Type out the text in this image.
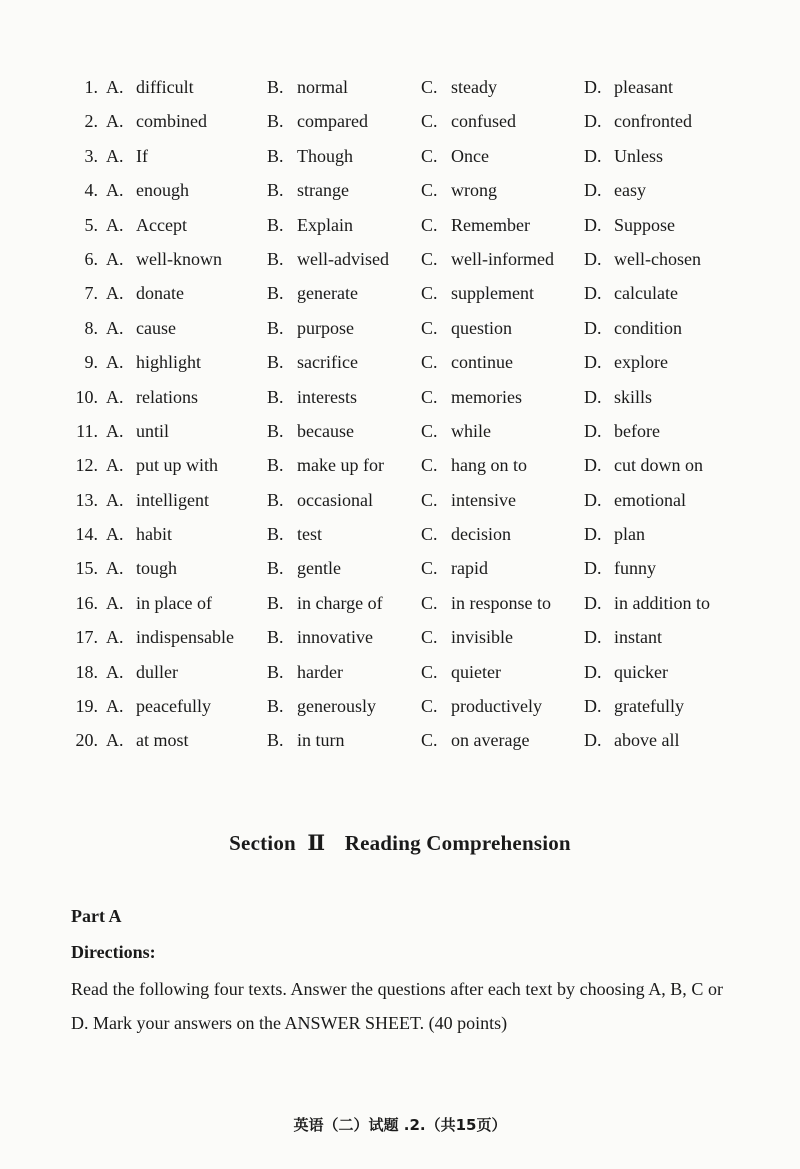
1. A. difficult	B. normal	C. steady	D. pleasant
2. A. combined	B. compared	C. confused	D. confronted
3. A. If	B. Though	C. Once	D. Unless
4. A. enough	B. strange	C. wrong	D. easy
5. A. Accept	B. Explain	C. Remember	D. Suppose
6. A. well-known	B. well-advised C. well-informed D. well-chosen
7. A. donate	B. generate	C. supplement	D. calculate
8. A. cause	B. purpose	C. question	D. condition
9. A. highlight	B. sacrifice	C. continue	D. explore
10. A. relations	B. interests	C. memories	D. skills
11. A. until	B. because	C. while	D. before
12. A. put up with	B. make up for C. hang on to	D. cut down on
13. A. intelligent	B. occasional	C. intensive	D. emotional
14. A. habit	B. test	C. decision	D. plan
15. A. tough	B. gentle	C. rapid	D. funny
16. A. in place of	B. in charge of C. in response to D. in addition to
17. A. indispensable B. innovative	C. invisible	D. instant
18. A. duller	B. harder	C. quieter	D. quicker
19. A. peacefully	B. generously	C. productively D. gratefully
20. A. at most	B. in turn	C. on average	D. above all
Section Ⅱ Reading Comprehension
Part A
Directions:
Read the following four texts. Answer the questions after each text by choosing A, B, C or D. Mark your answers on the ANSWER SHEET. (40 points)
英语（二）试题 .2.（共15页）
